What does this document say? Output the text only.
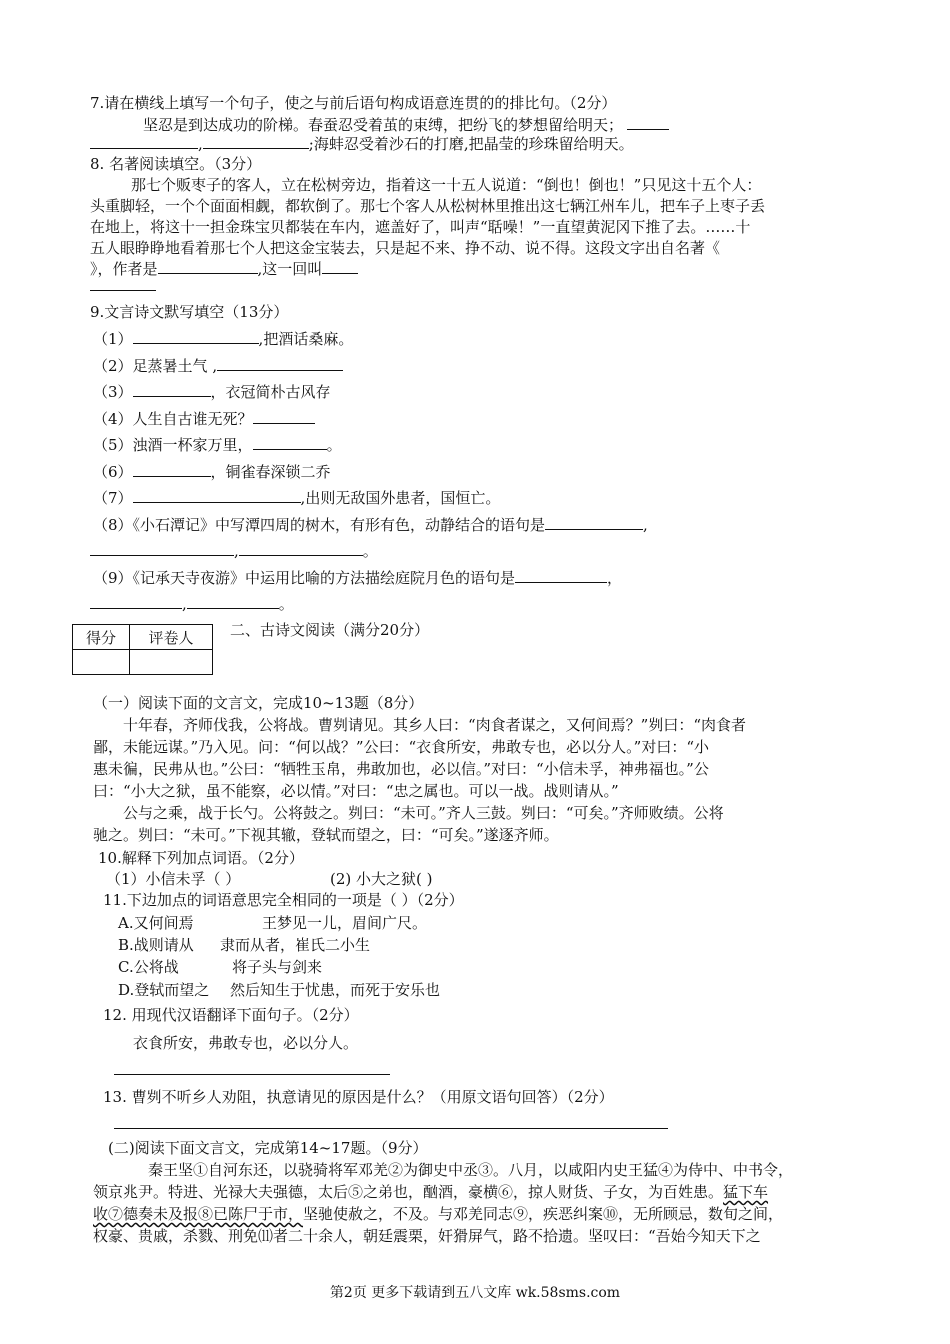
7.请在横线上填写一个句子，使之与前后语句构成语意连贯的的排比句。（2分）
坚忍是到达成功的阶梯。春蚕忍受着茧的束缚，把纷飞的梦想留给明天；
,	;海蚌忍受着沙石的打磨,把晶莹的珍珠留给明天。
8. 名著阅读填空。（3分）
那七个贩枣子的客人，立在松树旁边，指着这一十五人说道：“倒也！倒也！”只见这十五个人：
头重脚轻，一个个面面相觑，都软倒了。那七个客人从松树林里推出这七辆江州车儿，把车子上枣子丢
在地上，将这十一担金珠宝贝都装在车内，遮盖好了，叫声“聒噪！”一直望黄泥冈下推了去。……十
五人眼睁睁地看着那七个人把这金宝装去，只是起不来、挣不动、说不得。这段文字出自名著《
》，作者是	,这一回叫
9.文言诗文默写填空（13分）
（1）	,把酒话桑麻。
（2）足蒸暑土气 ,
（3）	，衣冠简朴古风存
（4）人生自古谁无死？
（5）浊酒一杯家万里，	。
（6）	，铜雀春深锁二乔
（7）	,出则无敌国外患者，国恒亡。
（8）《小石潭记》中写潭四周的树木，有形有色，动静结合的语句是	,
,	。
（9）《记承天寺夜游》中运用比喻的方法描绘庭院月色的语句是	，
,	。
得分	评卷人
	二、古诗文阅读（满分20分）
（一）阅读下面的文言文，完成10~13题（8分）
十年春，齐师伐我，公将战。曹刿请见。其乡人曰：“肉食者谋之，又何间焉？”刿曰：“肉食者
鄙，未能远谋。”乃入见。问：“何以战？”公曰：“衣食所安，弗敢专也，必以分人。”对曰：“小
惠未徧，民弗从也。”公曰：“牺牲玉帛，弗敢加也，必以信。”对曰：“小信未孚，神弗福也。”公
曰：“小大之狱，虽不能察，必以情。”对曰：“忠之属也。可以一战。战则请从。”
公与之乘，战于长勺。公将鼓之。刿曰：“未可。”齐人三鼓。刿曰：“可矣。”齐师败绩。公将
驰之。刿曰：“未可。”下视其辙，登轼而望之，曰：“可矣。”遂逐齐师。
10.解释下列加点词语。（2分）
（1）小信未孚（ ）	(2) 小大之狱( )
11.下边加点的词语意思完全相同的一项是（ ）（2分）
A.又何间焉	王梦见一儿，眉间广尺。
B.战则请从 隶而从者，崔氏二小生
C.公将战	将子头与剑来
D.登轼而望之 然后知生于忧患，而死于安乐也
12. 用现代汉语翻译下面句子。（2分）
衣食所安，弗敢专也，必以分人。
13. 曹刿不听乡人劝阻，执意请见的原因是什么？（用原文语句回答）（2分）
(二)阅读下面文言文，完成第14~17题。（9分）
秦王坚①自河东还，以骁骑将军邓羌②为御史中丞③。八月，以咸阳内史王猛④为侍中、中书令，
领京兆尹。特进、光禄大夫强德，太后⑤之弟也，酗酒，豪横⑥，掠人财货、子女，为百姓患。猛下车
收⑦德奏未及报⑧已陈尸于市，坚驰使赦之，不及。与邓羌同志⑨，疾恶纠案⑩，无所顾忌，数旬之间，
权豪、贵戚，杀戮、刑免⑾者二十余人，朝廷震栗，奸猾屏气，路不拾遗。坚叹曰：“吾始今知天下之
第2页 更多下载请到五八文库 wk.58sms.com
